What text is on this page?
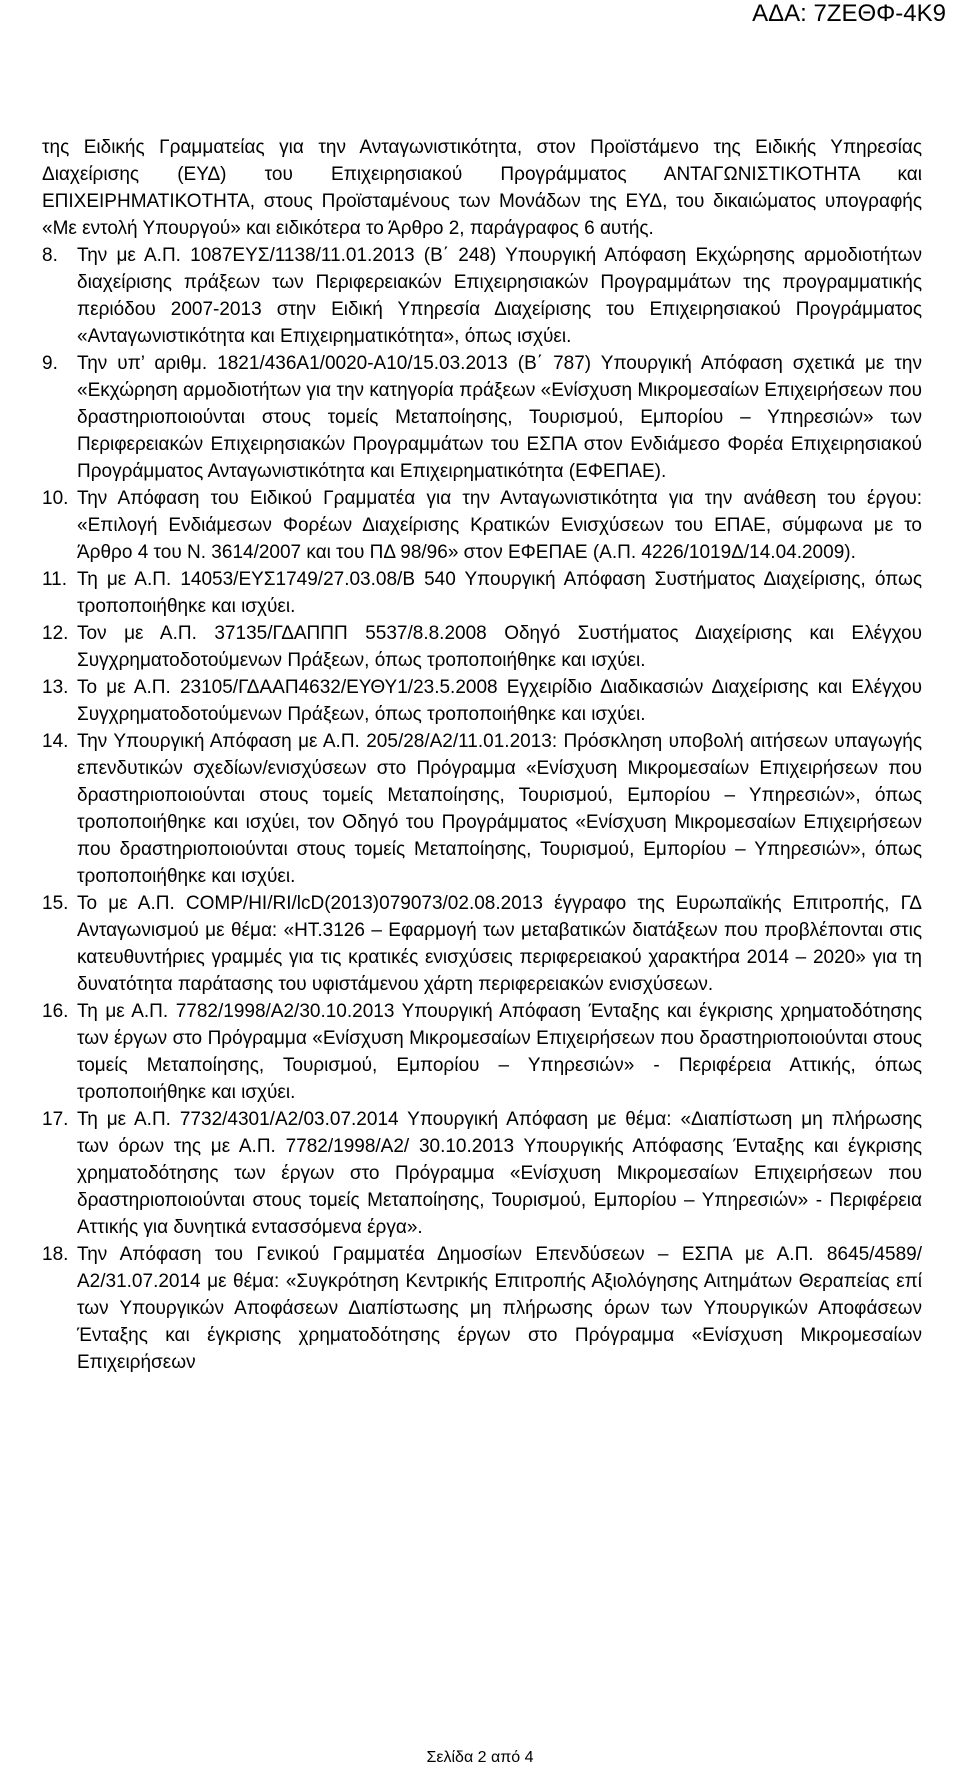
ΑΔΑ: 7ΖΕΘΦ-4Κ9

της Ειδικής Γραμματείας για την Ανταγωνιστικότητα, στον Προϊστάμενο της Ειδικής Υπηρεσίας Διαχείρισης (ΕΥΔ) του Επιχειρησιακού Προγράμματος ΑΝΤΑΓΩΝΙΣΤΙΚΟΤΗΤΑ και ΕΠΙΧΕΙΡΗΜΑΤΙΚΟΤΗΤΑ, στους Προϊσταμένους των Μονάδων της ΕΥΔ, του δικαιώματος υπογραφής «Με εντολή Υπουργού» και ειδικότερα το Άρθρο 2, παράγραφος 6 αυτής.

8.	Την με Α.Π. 1087ΕΥΣ/1138/11.01.2013 (Β΄ 248) Υπουργική Απόφαση Εκχώρησης αρμοδιοτήτων διαχείρισης πράξεων των Περιφερειακών Επιχειρησιακών Προγραμμάτων της προγραμματικής περιόδου 2007-2013 στην Ειδική Υπηρεσία Διαχείρισης του Επιχειρησιακού Προγράμματος «Ανταγωνιστικότητα και Επιχειρηματικότητα», όπως ισχύει.
9.	Την υπ’ αριθμ. 1821/436Α1/0020-Α10/15.03.2013 (Β΄ 787) Υπουργική Απόφαση σχετικά με την «Εκχώρηση αρμοδιοτήτων για την κατηγορία πράξεων «Ενίσχυση Μικρομεσαίων Επιχειρήσεων που δραστηριοποιούνται στους τομείς Μεταποίησης, Τουρισμού, Εμπορίου – Υπηρεσιών» των Περιφερειακών Επιχειρησιακών Προγραμμάτων του ΕΣΠΑ στον Ενδιάμεσο Φορέα Επιχειρησιακού Προγράμματος Ανταγωνιστικότητα και Επιχειρηματικότητα (ΕΦΕΠΑΕ).
10. Την Απόφαση του Ειδικού Γραμματέα για την Ανταγωνιστικότητα για την ανάθεση του έργου: «Επιλογή Ενδιάμεσων Φορέων Διαχείρισης Κρατικών Ενισχύσεων του ΕΠΑΕ, σύμφωνα με το Άρθρο 4 του Ν. 3614/2007 και του ΠΔ 98/96» στον ΕΦΕΠΑΕ (Α.Π. 4226/1019Δ/14.04.2009).
11. Τη με Α.Π. 14053/ΕΥΣ1749/27.03.08/Β 540 Υπουργική Απόφαση Συστήματος Διαχείρισης, όπως τροποποιήθηκε και ισχύει.
12. Τον με Α.Π. 37135/ΓΔΑΠΠΠ 5537/8.8.2008 Οδηγό Συστήματος Διαχείρισης και Ελέγχου Συγχρηματοδοτούμενων Πράξεων, όπως τροποποιήθηκε και ισχύει.
13. Το με Α.Π. 23105/ΓΔΑΑΠ4632/ΕΥΘΥ1/23.5.2008 Εγχειρίδιο Διαδικασιών Διαχείρισης και Ελέγχου Συγχρηματοδοτούμενων Πράξεων, όπως τροποποιήθηκε και ισχύει.
14. Την Υπουργική Απόφαση με Α.Π. 205/28/Α2/11.01.2013: Πρόσκληση υποβολή αιτήσεων υπαγωγής επενδυτικών σχεδίων/ενισχύσεων στο Πρόγραμμα «Ενίσχυση Μικρομεσαίων Επιχειρήσεων που δραστηριοποιούνται στους τομείς Μεταποίησης, Τουρισμού, Εμπορίου – Υπηρεσιών», όπως τροποποιήθηκε και ισχύει, τον Οδηγό του Προγράμματος «Ενίσχυση Μικρομεσαίων Επιχειρήσεων που δραστηριοποιούνται στους τομείς Μεταποίησης, Τουρισμού, Εμπορίου – Υπηρεσιών», όπως τροποποιήθηκε και ισχύει.
15. Το με Α.Π. COMP/HI/RI/lcD(2013)079073/02.08.2013 έγγραφο της Ευρωπαϊκής Επιτροπής, ΓΔ Ανταγωνισμού με θέμα: «HT.3126 – Εφαρμογή των μεταβατικών διατάξεων που προβλέπονται στις κατευθυντήριες γραμμές για τις κρατικές ενισχύσεις περιφερειακού χαρακτήρα 2014 – 2020» για τη δυνατότητα παράτασης του υφιστάμενου χάρτη περιφερειακών ενισχύσεων.
16. Τη με Α.Π. 7782/1998/Α2/30.10.2013 Υπουργική Απόφαση Ένταξης και έγκρισης χρηματοδότησης των έργων στο Πρόγραμμα «Ενίσχυση Μικρομεσαίων Επιχειρήσεων που δραστηριοποιούνται στους τομείς Μεταποίησης, Τουρισμού, Εμπορίου – Υπηρεσιών» - Περιφέρεια Αττικής, όπως τροποποιήθηκε και ισχύει.
17. Τη με Α.Π. 7732/4301/Α2/03.07.2014 Υπουργική Απόφαση με θέμα: «Διαπίστωση μη πλήρωσης των όρων της με Α.Π. 7782/1998/Α2/ 30.10.2013 Υπουργικής Απόφασης Ένταξης και έγκρισης χρηματοδότησης των έργων στο Πρόγραμμα «Ενίσχυση Μικρομεσαίων Επιχειρήσεων που δραστηριοποιούνται στους τομείς Μεταποίησης, Τουρισμού, Εμπορίου – Υπηρεσιών» - Περιφέρεια Αττικής για δυνητικά εντασσόμενα έργα».
18. Την Απόφαση του Γενικού Γραμματέα Δημοσίων Επενδύσεων – ΕΣΠΑ με Α.Π. 8645/4589/Α2/31.07.2014 με θέμα: «Συγκρότηση Κεντρικής Επιτροπής Αξιολόγησης Αιτημάτων Θεραπείας επί των Υπουργικών Αποφάσεων Διαπίστωσης μη πλήρωσης όρων των Υπουργικών Αποφάσεων Ένταξης και έγκρισης χρηματοδότησης έργων στο Πρόγραμμα «Ενίσχυση Μικρομεσαίων Επιχειρήσεων
Σελίδα 2 από 4
